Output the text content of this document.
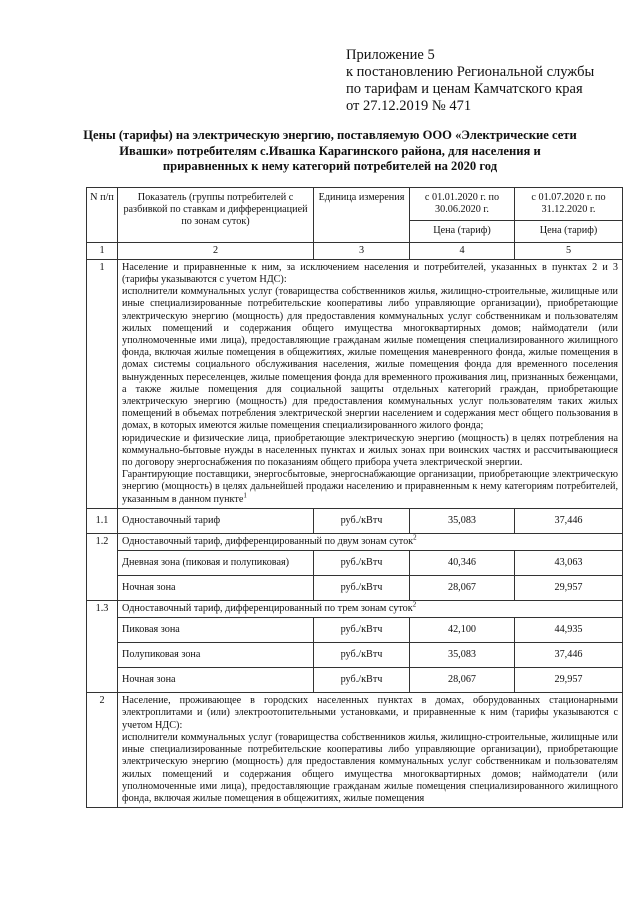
Приложение 5
к постановлению Региональной службы
по тарифам и ценам Камчатского края
от 27.12.2019 № 471
Цены (тарифы) на электрическую энергию, поставляемую ООО «Электрические сети Ивашки» потребителям с.Ивашка Карагинского района, для населения и приравненных к нему категорий потребителей на 2020 год
N п/п	Показатель (группы потребителей с разбивкой по ставкам и дифференциацией по зонам суток)	Единица измерения	с 01.01.2020 г. по 30.06.2020 г.	с 01.07.2020 г. по 31.12.2020 г.
			Цена (тариф)	Цена (тариф)
1	2	3	4	5
1	Население и приравненные к ним, за исключением населения и потребителей, указанных в пунктах 2 и 3 (тарифы указываются с учетом НДС):

исполнители коммунальных услуг (товарищества собственников жилья, жилищно-строительные, жилищные или иные специализированные потребительские кооперативы либо управляющие организации), приобретающие электрическую энергию (мощность) для предоставления коммунальных услуг собственникам и пользователям жилых помещений и содержания общего имущества многоквартирных домов; наймодатели (или уполномоченные ими лица), предоставляющие гражданам жилые помещения специализированного жилищного фонда, включая жилые помещения в общежитиях, жилые помещения маневренного фонда, жилые помещения в домах системы социального обслуживания населения, жилые помещения фонда для временного поселения вынужденных переселенцев, жилые помещения фонда для временного проживания лиц, признанных беженцами, а также жилые помещения для социальной защиты отдельных категорий граждан, приобретающие электрическую энергию (мощность) для предоставления коммунальных услуг пользователям таких жилых помещений в объемах потребления электрической энергии населением и содержания мест общего пользования в домах, в которых имеются жилые помещения специализированного жилого фонда;

юридические и физические лица, приобретающие электрическую энергию (мощность) в целях потребления на коммунально-бытовые нужды в населенных пунктах и жилых зонах при воинских частях и рассчитывающиеся по договору энергоснабжения по показаниям общего прибора учета электрической энергии.

Гарантирующие поставщики, энергосбытовые, энергоснабжающие организации, приобретающие электрическую энергию (мощность) в целях дальнейшей продажи населению и приравненным к нему категориям потребителей, указанным в данном пункте$^1$

1.1	Одноставочный тариф	руб./кВтч	35,083	37,446
1.2	Одноставочный тариф, дифференцированный по двум зонам суток$^2$
	Дневная зона (пиковая и полупиковая)	руб./кВтч	40,346	43,063
	Ночная зона	руб./кВтч	28,067	29,957
1.3	Одноставочный тариф, дифференцированный по трем зонам суток$^2$
	Пиковая зона	руб./кВтч	42,100	44,935
	Полупиковая зона	руб./кВтч	35,083	37,446
	Ночная зона	руб./кВтч	28,067	29,957
2	Население, проживающее в городских населенных пунктах в домах, оборудованных стационарными электроплитами и (или) электроотопительными установками, и приравненные к ним (тарифы указываются с учетом НДС):

исполнители коммунальных услуг (товарищества собственников жилья, жилищно-строительные, жилищные или иные специализированные потребительские кооперативы либо управляющие организации), приобретающие электрическую энергию (мощность) для предоставления коммунальных услуг собственникам и пользователям жилых помещений и содержания общего имущества многоквартирных домов; наймодатели (или уполномоченные ими лица), предоставляющие гражданам жилые помещения специализированного жилищного фонда, включая жилые помещения в общежитиях, жилые помещения			
